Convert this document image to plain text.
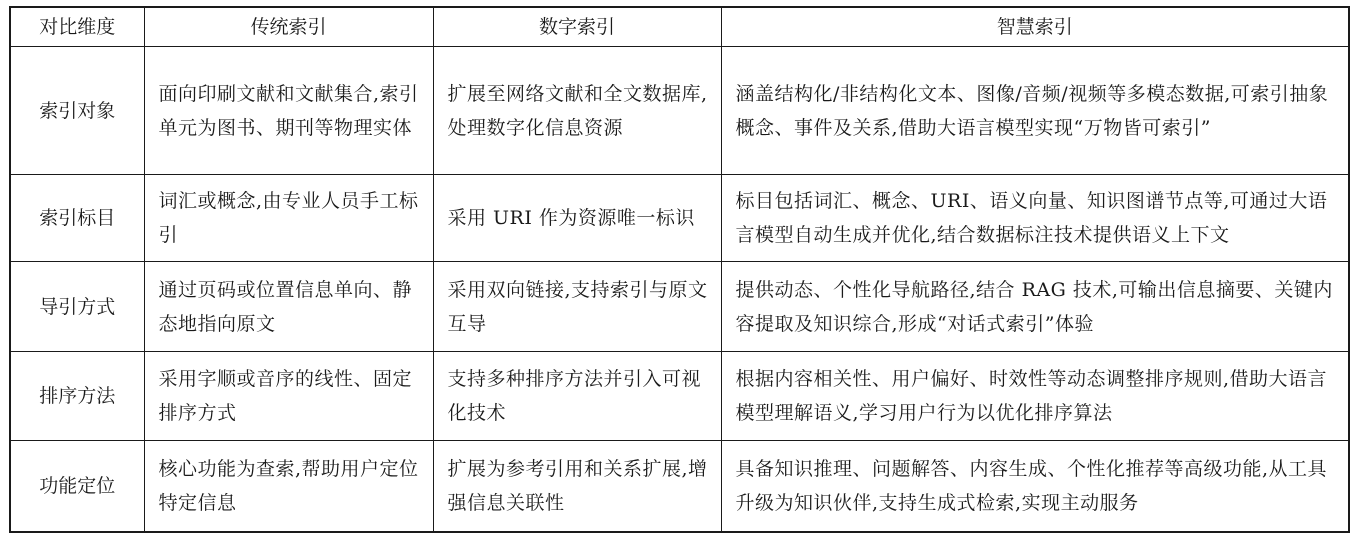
对比维度	传统索引	数字索引	智慧索引
索引对象	面向印刷文献和文献集合,索引单元为图书、期刊等物理实体	扩展至网络文献和全文数据库,处理数字化信息资源	涵盖结构化/非结构化文本、图像/音频/视频等多模态数据,可索引抽象概念、事件及关系,借助大语言模型实现“万物皆可索引”
索引标目	词汇或概念,由专业人员手工标引	采用 URI 作为资源唯一标识	标目包括词汇、概念、URI、语义向量、知识图谱节点等,可通过大语言模型自动生成并优化,结合数据标注技术提供语义上下文
导引方式	通过页码或位置信息单向、静态地指向原文	采用双向链接,支持索引与原文互导	提供动态、个性化导航路径,结合 RAG 技术,可输出信息摘要、关键内容提取及知识综合,形成“对话式索引”体验
排序方法	采用字顺或音序的线性、固定排序方式	支持多种排序方法并引入可视化技术	根据内容相关性、用户偏好、时效性等动态调整排序规则,借助大语言模型理解语义,学习用户行为以优化排序算法
功能定位	核心功能为查索,帮助用户定位特定信息	扩展为参考引用和关系扩展,增强信息关联性	具备知识推理、问题解答、内容生成、个性化推荐等高级功能,从工具升级为知识伙伴,支持生成式检索,实现主动服务
